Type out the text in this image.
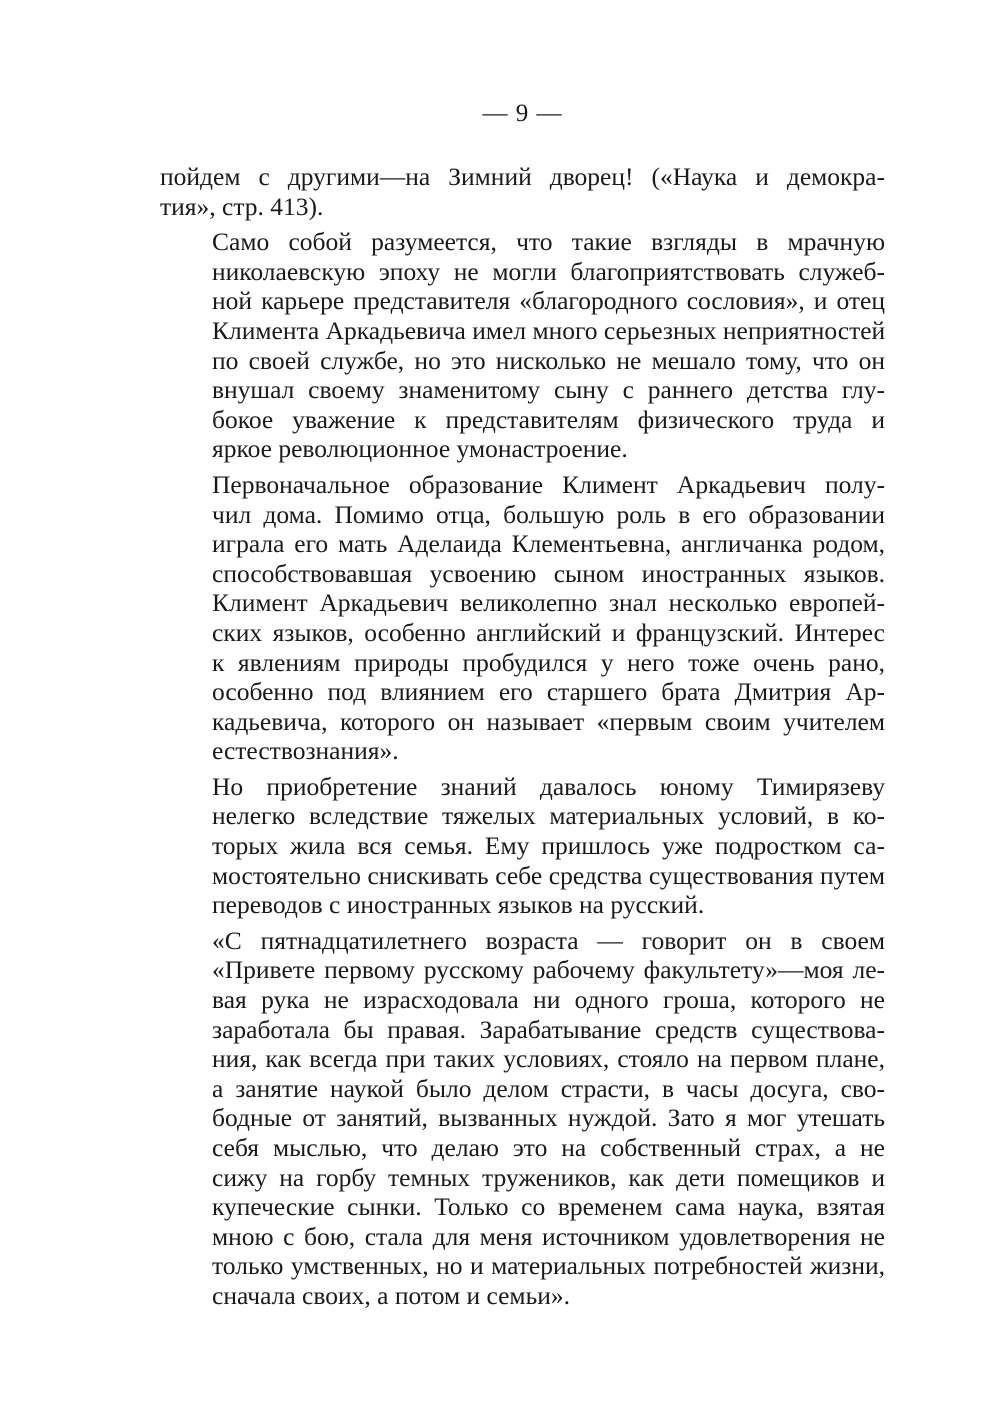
— 9 —

пойдем с другими—на Зимний дворец! («Наука и демокра-
тия», стр. 413).

Само собой разумеется, что такие взгляды в мрачную
николаевскую эпоху не могли благоприятствовать служеб-
ной карьере представителя «благородного сословия», и отец
Климента Аркадьевича имел много серьезных неприятностей
по своей службе, но это нисколько не мешало тому, что он
внушал своему знаменитому сыну с раннего детства глу-
бокое уважение к представителям физического труда и
яркое революционное умонастроение.

Первоначальное образование Климент Аркадьевич полу-
чил дома. Помимо отца, большую роль в его образовании
играла его мать Аделаида Клементьевна, англичанка родом,
способствовавшая усвоению сыном иностранных языков.
Климент Аркадьевич великолепно знал несколько европей-
ских языков, особенно английский и французский. Интерес
к явлениям природы пробудился у него тоже очень рано,
особенно под влиянием его старшего брата Дмитрия Ар-
кадьевича, которого он называет «первым своим учителем
естествознания».

Но приобретение знаний давалось юному Тимирязеву
нелегко вследствие тяжелых материальных условий, в ко-
торых жила вся семья. Ему пришлось уже подростком са-
мостоятельно снискивать себе средства существования путем
переводов с иностранных языков на русский.

«С пятнадцатилетнего возраста — говорит он в своем
«Привете первому русскому рабочему факультету»—моя ле-
вая рука не израсходовала ни одного гроша, которого не
заработала бы правая. Зарабатывание средств существова-
ния, как всегда при таких условиях, стояло на первом плане,
а занятие наукой было делом страсти, в часы досуга, сво-
бодные от занятий, вызванных нуждой. Зато я мог утешать
себя мыслью, что делаю это на собственный страх, а не
сижу на горбу темных тружеников, как дети помещиков и
купеческие сынки. Только со временем сама наука, взятая
мною с бою, стала для меня источником удовлетворения не
только умственных, но и материальных потребностей жизни,
сначала своих, а потом и семьи».
